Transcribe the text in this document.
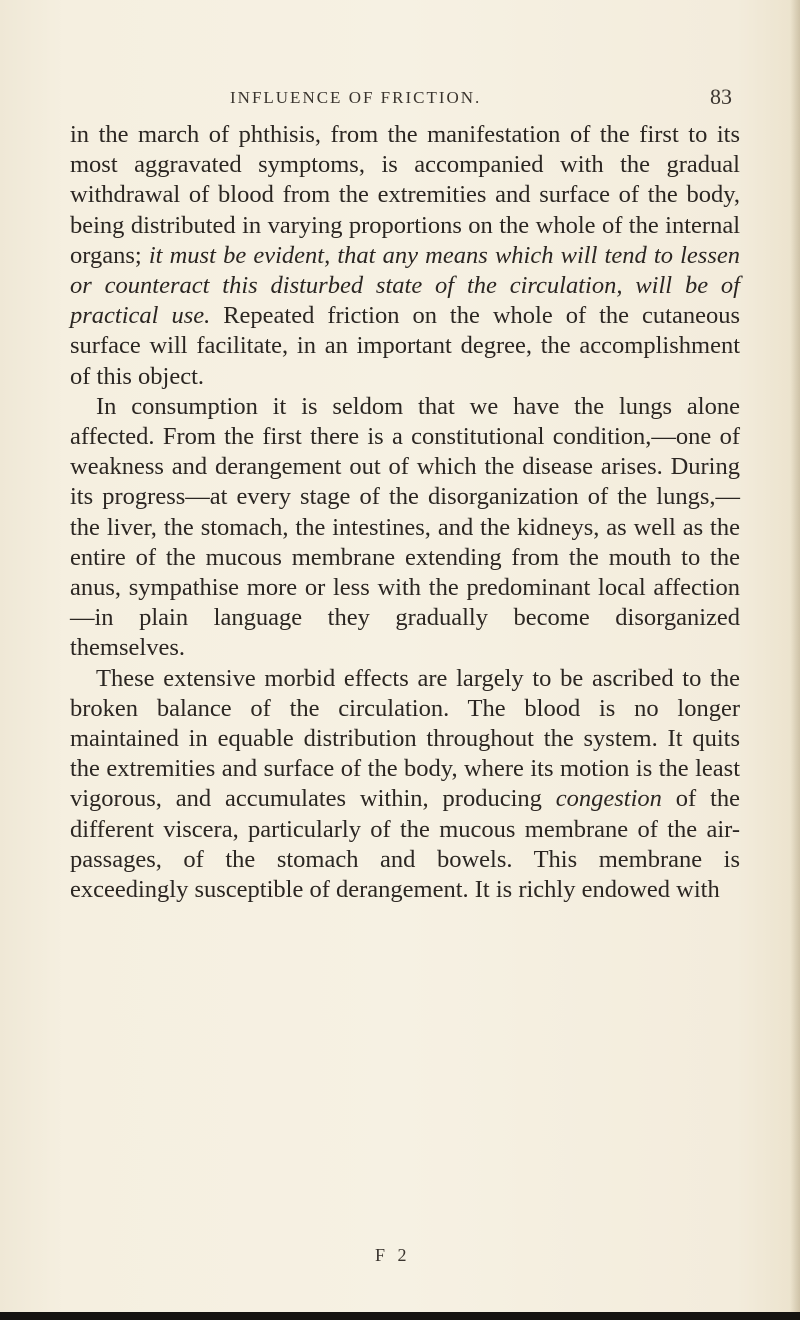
INFLUENCE OF FRICTION.	83

in the march of phthisis, from the manifestation of the first to its most aggravated symptoms, is accompanied with the gradual withdrawal of blood from the extremities and surface of the body, being distributed in varying proportions on the whole of the internal organs; it must be evident, that any means which will tend to lessen or counteract this disturbed state of the circulation, will be of practical use. Repeated friction on the whole of the cutaneous surface will facilitate, in an important degree, the accomplishment of this object.

In consumption it is seldom that we have the lungs alone affected. From the first there is a constitutional condition,—one of weakness and derangement out of which the disease arises. During its progress—at every stage of the disorganization of the lungs,—the liver, the stomach, the intestines, and the kidneys, as well as the entire of the mucous membrane extending from the mouth to the anus, sympathise more or less with the predominant local affection—in plain language they gradually become disorganized themselves.

These extensive morbid effects are largely to be ascribed to the broken balance of the circulation. The blood is no longer maintained in equable distribution throughout the system. It quits the extremities and surface of the body, where its motion is the least vigorous, and accumulates within, producing congestion of the different viscera, particularly of the mucous membrane of the air-passages, of the stomach and bowels. This membrane is exceedingly susceptible of derangement. It is richly endowed with

F 2
